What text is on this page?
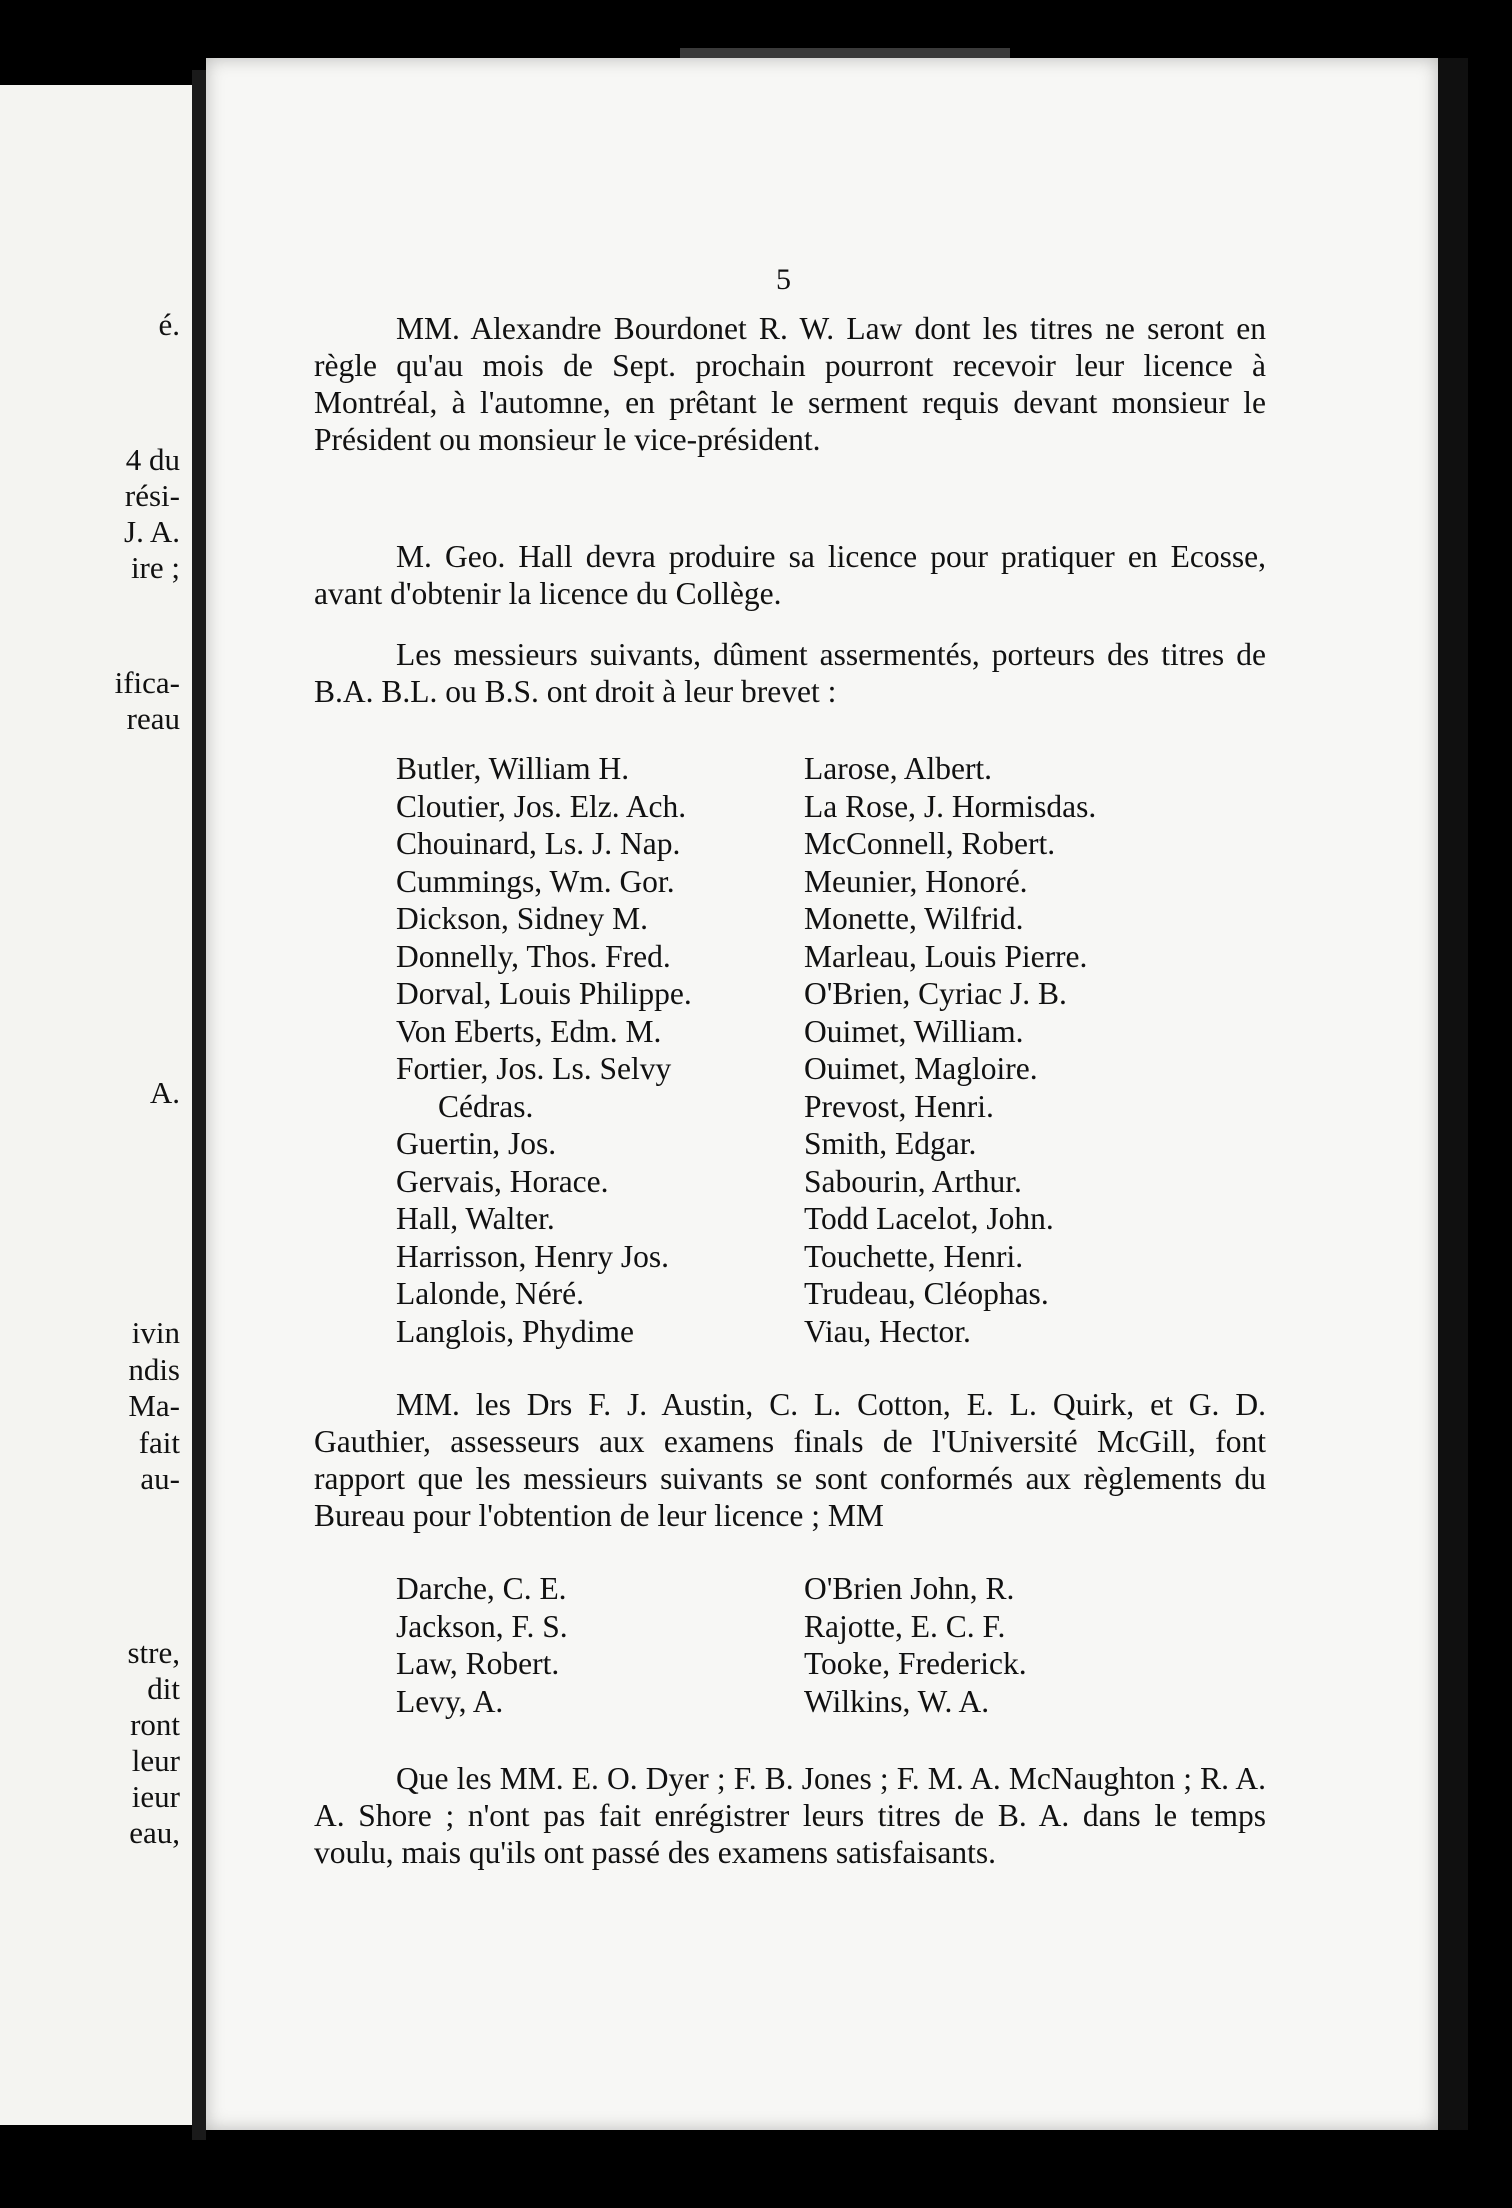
é.
4 du
rési-
J. A.
ire ;
ifica-
reau
A.
ivin
ndis
Ma-
fait
au-
stre,
dit
ront
leur
ieur
eau,
5

MM. Alexandre Bourdonet R. W. Law dont les titres ne seront en règle qu'au mois de Sept. prochain pourront recevoir leur licence à Montréal, à l'automne, en prêtant le serment requis devant monsieur le Président ou monsieur le vice-président.

M. Geo. Hall devra produire sa licence pour pratiquer en Ecosse, avant d'obtenir la licence du Collège.

Les messieurs suivants, dûment assermentés, porteurs des titres de B.A. B.L. ou B.S. ont droit à leur brevet :

Butler, William H.
Cloutier, Jos. Elz. Ach.
Chouinard, Ls. J. Nap.
Cummings, Wm. Gor.
Dickson, Sidney M.
Donnelly, Thos. Fred.
Dorval, Louis Philippe.
Von Eberts, Edm. M.
Fortier, Jos. Ls. Selvy
Cédras.
Guertin, Jos.
Gervais, Horace.
Hall, Walter.
Harrisson, Henry Jos.
Lalonde, Néré.
Langlois, Phydime
Larose, Albert.
La Rose, J. Hormisdas.
McConnell, Robert.
Meunier, Honoré.
Monette, Wilfrid.
Marleau, Louis Pierre.
O'Brien, Cyriac J. B.
Ouimet, William.
Ouimet, Magloire.
Prevost, Henri.
Smith, Edgar.
Sabourin, Arthur.
Todd Lacelot, John.
Touchette, Henri.
Trudeau, Cléophas.
Viau, Hector.

MM. les Drs F. J. Austin, C. L. Cotton, E. L. Quirk, et G. D. Gauthier, assesseurs aux examens finals de l'Université McGill, font rapport que les messieurs suivants se sont conformés aux règlements du Bureau pour l'obtention de leur licence ; MM

Darche, C. E.
Jackson, F. S.
Law, Robert.
Levy, A.
O'Brien John, R.
Rajotte, E. C. F.
Tooke, Frederick.
Wilkins, W. A.

Que les MM. E. O. Dyer ; F. B. Jones ; F. M. A. McNaughton ; R. A. A. Shore ; n'ont pas fait enrégistrer leurs titres de B. A. dans le temps voulu, mais qu'ils ont passé des examens satisfaisants.
